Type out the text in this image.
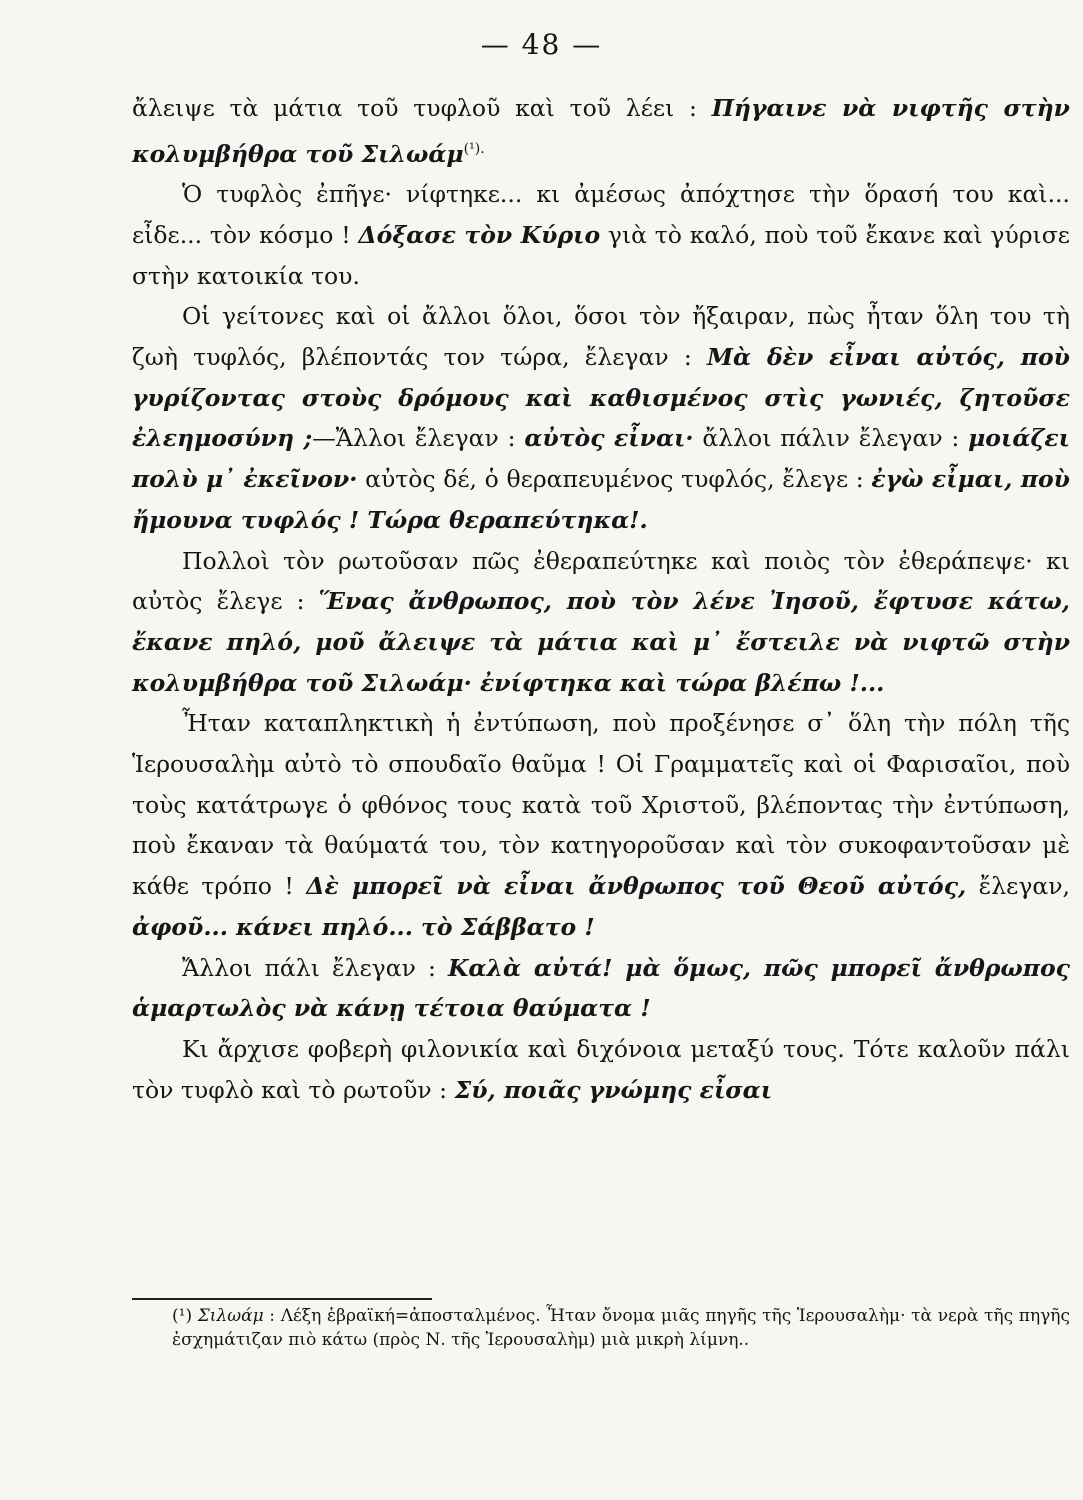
— 48 —

ἄλειψε τὰ μάτια τοῦ τυφλοῦ καὶ τοῦ λέει : Πήγαινε νὰ νιφτῆς στὴν κολυμβήθρα τοῦ Σιλωάμ$^{(^1).}$

Ὁ τυφλὸς ἐπῆγε· νίφτηκε... κι ἀμέσως ἀπόχτησε τὴν ὅρασή του καὶ... εἶδε... τὸν κόσμο ! Δόξασε τὸν Κύριο γιὰ τὸ καλό, ποὺ τοῦ ἔκανε καὶ γύρισε στὴν κατοικία του.

Οἱ γείτονες καὶ οἱ ἄλλοι ὅλοι, ὅσοι τὸν ἤξαιραν, πὼς ἦταν ὅλη του τὴ ζωὴ τυφλός, βλέποντάς τον τώρα, ἔλεγαν : Μὰ δὲν εἶναι αὐτός, ποὺ γυρίζοντας στοὺς δρόμους καὶ καθισμένος στὶς γωνιές, ζητοῦσε ἐλεημοσύνη ;—Ἄλλοι ἔλεγαν : αὐτὸς εἶναι· ἄλλοι πάλιν ἔλεγαν : μοιάζει πολὺ μ᾿ ἐκεῖνον· αὐτὸς δέ, ὁ θεραπευμένος τυφλός, ἔλεγε : ἐγὼ εἶμαι, ποὺ ἤμουνα τυφλός ! Τώρα θεραπεύτηκα!.

Πολλοὶ τὸν ρωτοῦσαν πῶς ἐθεραπεύτηκε καὶ ποιὸς τὸν ἐθεράπεψε· κι αὐτὸς ἔλεγε : Ἕνας ἄνθρωπος, ποὺ τὸν λένε Ἰησοῦ, ἔφτυσε κάτω, ἔκανε πηλό, μοῦ ἄλειψε τὰ μάτια καὶ μ᾿ ἔστειλε νὰ νιφτῶ στὴν κολυμβήθρα τοῦ Σιλωάμ· ἐνίφτηκα καὶ τώρα βλέπω !...

Ἦταν καταπληκτικὴ ἡ ἐντύπωση, ποὺ προξένησε σ᾿ ὅλη τὴν πόλη τῆς Ἱερουσαλὴμ αὐτὸ τὸ σπουδαῖο θαῦμα ! Οἱ Γραμματεῖς καὶ οἱ Φαρισαῖοι, ποὺ τοὺς κατάτρωγε ὁ φθόνος τους κατὰ τοῦ Χριστοῦ, βλέποντας τὴν ἐντύπωση, ποὺ ἔκαναν τὰ θαύματά του, τὸν κατηγοροῦσαν καὶ τὸν συκοφαντοῦσαν μὲ κάθε τρόπο ! Δὲ μπορεῖ νὰ εἶναι ἄνθρωπος τοῦ Θεοῦ αὐτός, ἔλεγαν, ἀφοῦ... κάνει πηλό... τὸ Σάββατο !

Ἄλλοι πάλι ἔλεγαν : Καλὰ αὐτά! μὰ ὅμως, πῶς μπορεῖ ἄνθρωπος ἁμαρτωλὸς νὰ κάνῃ τέτοια θαύματα !

Κι ἄρχισε φοβερὴ φιλονικία καὶ διχόνοια μεταξύ τους. Τότε καλοῦν πάλι τὸν τυφλὸ καὶ τὸ ρωτοῦν : Σύ, ποιᾶς γνώμης εἶσαι

(¹) Σιλωάμ : Λέξη ἑβραϊκή=ἀποσταλμένος. Ἦταν ὄνομα μιᾶς πηγῆς τῆς Ἱερουσαλὴμ· τὰ νερὰ τῆς πηγῆς ἐσχημάτιζαν πιὸ κάτω (πρὸς Ν. τῆς Ἱερουσαλὴμ) μιὰ μικρὴ λίμνη..
